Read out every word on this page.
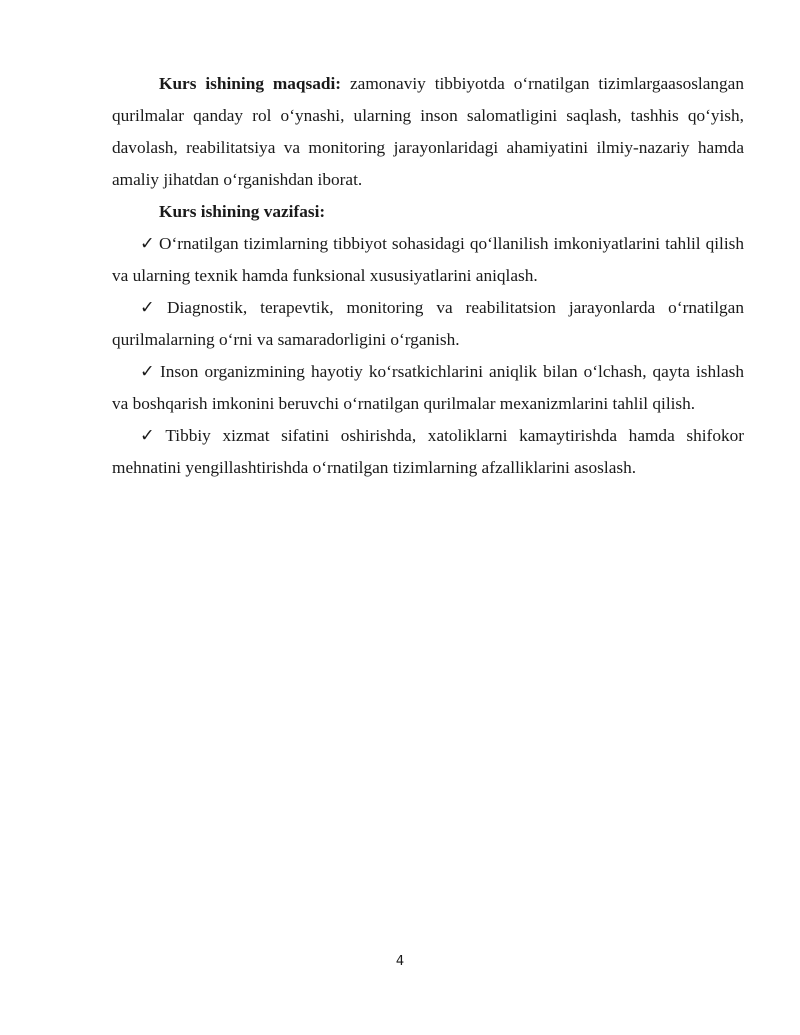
Kurs ishining maqsadi: zamonaviy tibbiyotda o‘rnatilgan tizimlargaasoslangan qurilmalar qanday rol o‘ynashi, ularning inson salomatligini saqlash, tashhis qo‘yish, davolash, reabilitatsiya va monitoring jarayonlaridagi ahamiyatini ilmiy-nazariy hamda amaliy jihatdan o‘rganishdan iborat.

Kurs ishining vazifasi:

✓ O‘rnatilgan tizimlarning tibbiyot sohasidagi qo‘llanilish imkoniyatlarini tahlil qilish va ularning texnik hamda funksional xususiyatlarini aniqlash.

✓ Diagnostik, terapevtik, monitoring va reabilitatsion jarayonlarda o‘rnatilgan qurilmalarning o‘rni va samaradorligini o‘rganish.

✓ Inson organizmining hayotiy ko‘rsatkichlarini aniqlik bilan o‘lchash, qayta ishlash va boshqarish imkonini beruvchi o‘rnatilgan qurilmalar mexanizmlarini tahlil qilish.

✓ Tibbiy xizmat sifatini oshirishda, xatoliklarni kamaytirishda hamda shifokor mehnatini yengillashtirishda o‘rnatilgan tizimlarning afzalliklarini asoslash.

4
